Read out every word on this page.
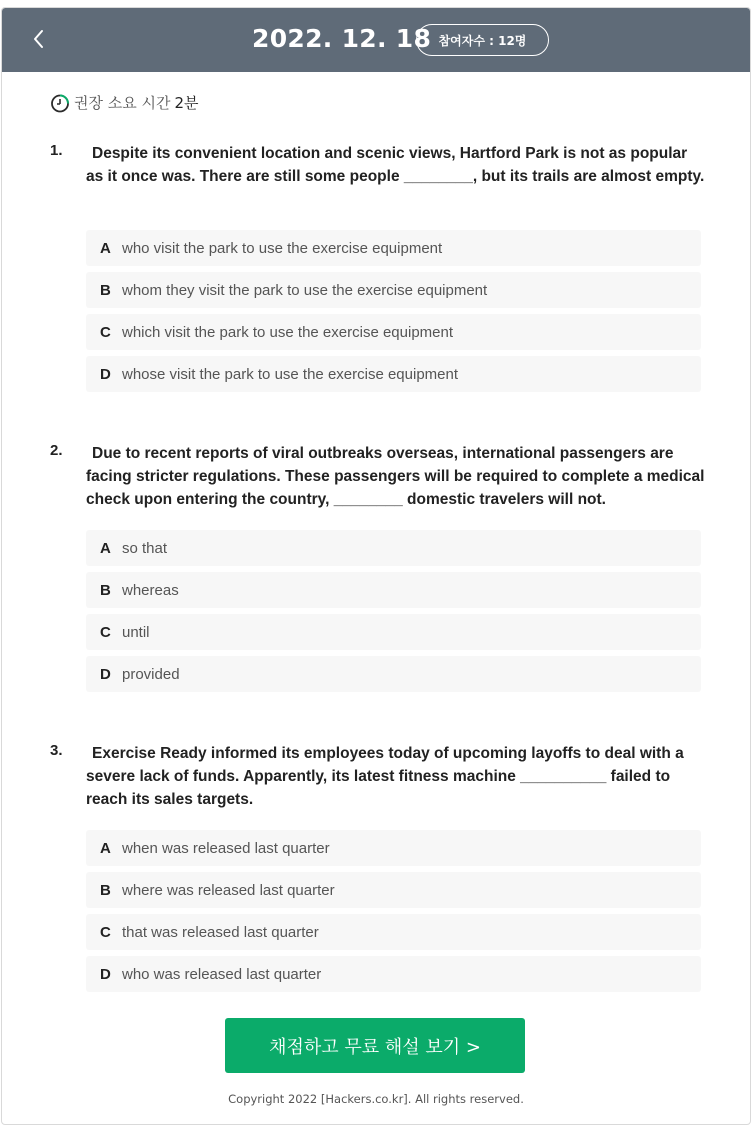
2022. 12. 18 참여자수 : 12명
권장 소요 시간 2분
1.	Despite its convenient location and scenic views, Hartford Park is not as popular as it once was. There are still some people ________, but its trails are almost empty.
A who visit the park to use the exercise equipment
B whom they visit the park to use the exercise equipment
C which visit the park to use the exercise equipment
D whose visit the park to use the exercise equipment
2.	Due to recent reports of viral outbreaks overseas, international passengers are facing stricter regulations. These passengers will be required to complete a medical check upon entering the country, ________ domestic travelers will not.
A so that
B whereas
C until
D provided
3.	Exercise Ready informed its employees today of upcoming layoffs to deal with a severe lack of funds. Apparently, its latest fitness machine __________ failed to reach its sales targets.
A when was released last quarter
B where was released last quarter
C that was released last quarter
D who was released last quarter
채점하고 무료 해설 보기 >
Copyright 2022 [Hackers.co.kr]. All rights reserved.
